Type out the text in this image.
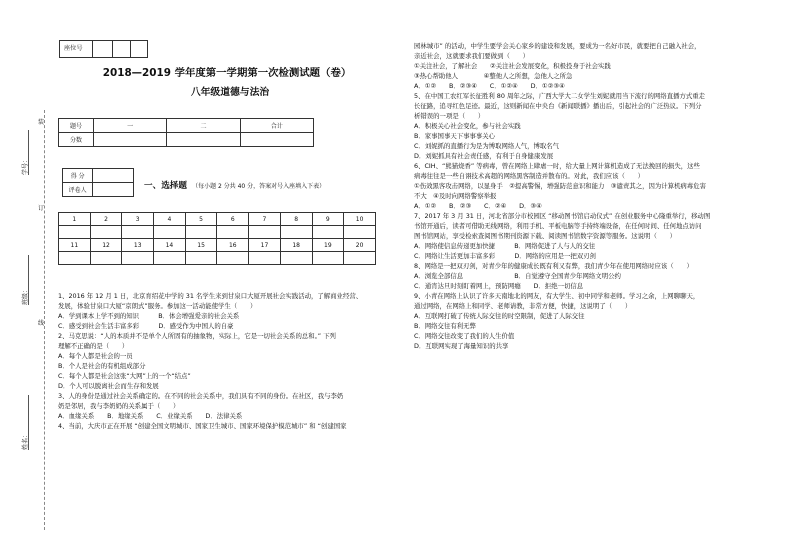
座位号
2018—2019 学年度第一学期第一次检测试题（卷）
八年级道德与法治
题号	一	二	合计
分数			
得 分	
评卷人		一、选择题 （每小题 2 分共 40 分，答案对号入座填入下表）
1	2	3	4	5	6	7	8	9	10

11	12	13	14	15	16	17	18	19	20

装
订
线
学号：
班级：
姓名：
1、2016 年 12 月 1 日，北京育绍花中学的 31 名学生来到甘泉口大厦开展社会实践活动，了解商业经营、
发展，体验甘泉口大厦“京朗式”服务。参加这一活动能使学生（　　）
A．学到课本上学不到的知识　　　B．体会增强爱亲的社会关系
C．感受到社会生活丰富多彩　　　D．感受作为中国人的自豪
2、马克思说：“人的本质并不是单个人所固有的抽象物，实际上，它是一切社会关系的总和。” 下列
理解不正确的是（　　）
A．每个人都是社会的一员
B．个人是社会的有机组成部分
C．每个人都是社会这张“大网”上的一个“结点”
D．个人可以脱离社会而生存和发展
3、人的身份是通过社会关系确定的。在不同的社会关系中，我们具有不同的身份。在社区，我与李奶
奶是邻居，我与李奶奶的关系属于（　　）
A．血缘关系　　B．地缘关系　　C．业缘关系　　D．法律关系
4、当前，大庆市正在开展 “创建全国文明城市、国家卫生城市、国家环境保护模范城市” 和 “创建国家
园林城市” 的活动，中学生要学会关心家乡的建设和发展，要成为一名好市民，就要把自己融入社会，
亲近社会，这就要求我们要做到（　　）
①关注社会，了解社会　　②关注社会发展变化，积极投身于社会实践
③热心帮助他人　　　　④整他人之所想，急他人之所急
A．①②　　B．②③④　　C．①②④　　D．①②③④
5、在中国工农红军长征胜利 80 周年之际，广西大学大二女学生刘妮就用当下流行的网络直播方式重走
长征路，追寻红色足迹。最近，这则新闻在中央台《新闻联播》播出后，引起社会的广泛热议。下列分
析错误的一项是（　　）
A．积极关心社会变化，参与社会实践
B．家事国事天下事事事关心
C．刘妮抓的直播行为是为博取网络人气，博取名气
D．刘妮抓具有社会责任感，有利于自身健康发展
6、CIH、“熊猫烧香” 等病毒，曾在网络上肆虐一时，给大量上网计算机造成了无法挽回的损失，这些
病毒往往是一些自诩技术高超的网络黑客制造并散布的。对此，我们应该（　　）
①伤效黑客攻击网络，以显身手　②提高警惕，增强防范意识和能力　③谴责其之，因为计算机病毒危害
不大　④及时向网络警察举报
A．①②　　B．②③　　C．②④　　D．③④
7、2017 年 3 月 31 日，河北省部分市校园区 “移动图书馆启动仪式” 在创业服务中心隆重举行，移动图
书馆开通后，读者可借助无线网络，利用手机、平板电脑等手持终端设备，在任何时间、任何地点访问
图书馆网站，享受检索查阅图书期刊资源下载、阅读图书馆数字资源等服务。这说明（　　）
A．网络使信息传递更加快捷　　　B．网络促进了人与人的交往
C．网络让生活更加丰富多彩　　　D．网络的应用是一把双刃剑
8、网络是一把双刃剑，对青少年的健康成长既有利又有弊，我们青少年在使用网络时应该（　　）
A．浏览全部信息　　　　　　　　B．自觉遵守全国青少年网络文明公约
C．通宵达旦时刻盯着网上，预防网瘾　　D．拒绝一切信息
9、小青在网络上认识了许多天南地北的网友，有大学生、初中同学和老师。学习之余，上网聊聊天，
通过网络，在网络上和同学、老师请教，非常方便，快捷，这说明了（　　）
A．互联网打破了传统人际交往的时空限制，促进了人际交往
B．网络交往有利无弊
C．网络交往改变了我们的人生价值
D．互联网实现了海量知识的共享
